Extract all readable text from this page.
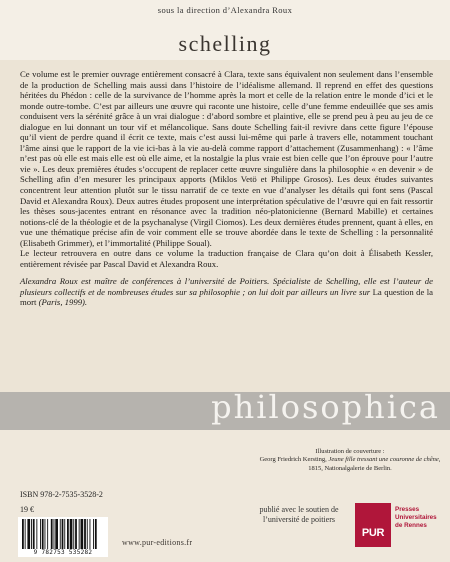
sous la direction d’Alexandra Roux
schelling

Ce volume est le premier ouvrage entièrement consacré à Clara, texte sans équivalent non seulement dans l’ensemble de la production de Schelling mais aussi dans l’histoire de l’idéalisme allemand. Il reprend en effet des questions héritées du Phédon : celle de la survivance de l’homme après la mort et celle de la relation entre le monde d’ici et le monde outre-tombe. C’est par ailleurs une œuvre qui raconte une histoire, celle d’une femme endeuillée que ses amis conduisent vers la sérénité grâce à un vrai dialogue : d’abord sombre et plaintive, elle se prend peu à peu au jeu de ce dialogue en lui donnant un tour vif et mélancolique. Sans doute Schelling fait-il revivre dans cette figure l’épouse qu’il vient de perdre quand il écrit ce texte, mais c’est aussi lui-même qui parle à travers elle, notamment touchant l’âme ainsi que le rapport de la vie ici-bas à la vie au-delà comme rapport d’attachement (Zusammenhang) : « l’âme n’est pas où elle est mais elle est où elle aime, et la nostalgie la plus vraie est bien celle que l’on éprouve pour l’autre vie ». Les deux premières études s’occupent de replacer cette œuvre singulière dans la philosophie « en devenir » de Schelling afin d’en mesurer les principaux apports (Miklos Vetö et Philippe Grosos). Les deux études suivantes concentrent leur attention plutôt sur le tissu narratif de ce texte en vue d’analyser les détails qui font sens (Pascal David et Alexandra Roux). Deux autres études proposent une interprétation spéculative de l’œuvre qui en fait ressortir les thèses sous-jacentes entrant en résonance avec la tradition néo-platonicienne (Bernard Mabille) et certaines notions-clé de la théologie et de la psychanalyse (Virgil Ciomos). Les deux dernières études prennent, quant à elles, en vue une thématique précise afin de voir comment elle se trouve abordée dans le texte de Schelling : la personnalité (Elisabeth Grimmer), et l’immortalité (Philippe Soual).

Le lecteur retrouvera en outre dans ce volume la traduction française de Clara qu’on doit à Élisabeth Kessler, entièrement révisée par Pascal David et Alexandra Roux.

Alexandra Roux est maître de conférences à l’université de Poitiers. Spécialiste de Schelling, elle est l’auteur de plusieurs collectifs et de nombreuses études sur sa philosophie ; on lui doit par ailleurs un livre sur La question de la mort (Paris, 1999).

philosophica
Illustration de couverture :
Georg Friedrich Kersting, Jeune fille tressant une couronne de chêne,
1815, Nationalgalerie de Berlin.
ISBN 978-2-7535-3528-2
19 €
9 782753 535282
www.pur-editions.fr
publié avec le soutien de
l’université de poitiers
PUR
Presses
Universitaires
de Rennes
